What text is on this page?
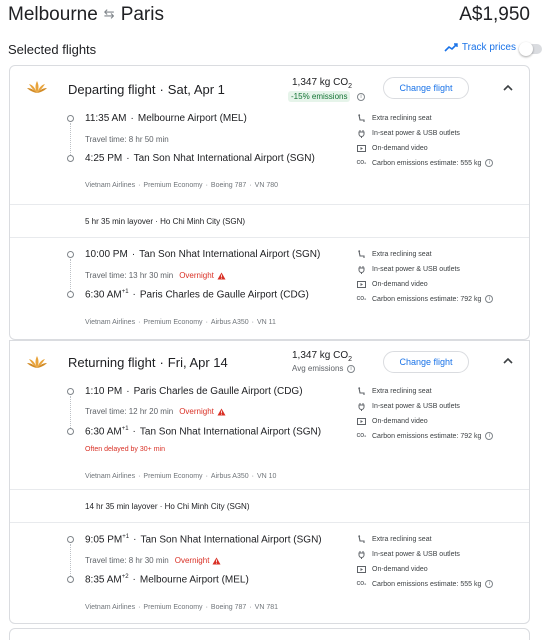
Melbourne ⇆ Paris	A$1,950
Selected flights	Track prices
Departing flight · Sat, Apr 1	1,347 kg $CO_2$
-15% emissions	i
Change flight
11:35 AM · Melbourne Airport (MEL)
Travel time: 8 hr 50 min
4:25 PM · Tan Son Nhat International Airport (SGN)
Vietnam Airlines · Premium Economy · Boeing 787 · VN 780
Extra reclining seat
In-seat power & USB outlets
On-demand video
CO₂ Carbon emissions estimate: 555 kg	i
5 hr 35 min layover · Ho Chi Minh City (SGN)
10:00 PM · Tan Son Nhat International Airport (SGN)
Travel time: 13 hr 30 min Overnight
6:30 $AM^{+1}$ · Paris Charles de Gaulle Airport (CDG)
Vietnam Airlines · Premium Economy · Airbus A350 · VN 11
Extra reclining seat
In-seat power & USB outlets
On-demand video
CO₂ Carbon emissions estimate: 792 kg	i
Returning flight · Fri, Apr 14	1,347 kg $CO_2$
Avg emissions	i
Change flight
1:10 PM · Paris Charles de Gaulle Airport (CDG)
Travel time: 12 hr 20 min Overnight
6:30 $AM^{+1}$ · Tan Son Nhat International Airport (SGN)
Often delayed by 30+ min
Vietnam Airlines · Premium Economy · Airbus A350 · VN 10
Extra reclining seat
In-seat power & USB outlets
On-demand video
CO₂ Carbon emissions estimate: 792 kg	i
14 hr 35 min layover · Ho Chi Minh City (SGN)
9:05 $PM^{+1}$ · Tan Son Nhat International Airport (SGN)
Travel time: 8 hr 30 min Overnight
8:35 $AM^{+2}$ · Melbourne Airport (MEL)
Vietnam Airlines · Premium Economy · Boeing 787 · VN 781
Extra reclining seat
In-seat power & USB outlets
On-demand video
CO₂ Carbon emissions estimate: 555 kg	i
